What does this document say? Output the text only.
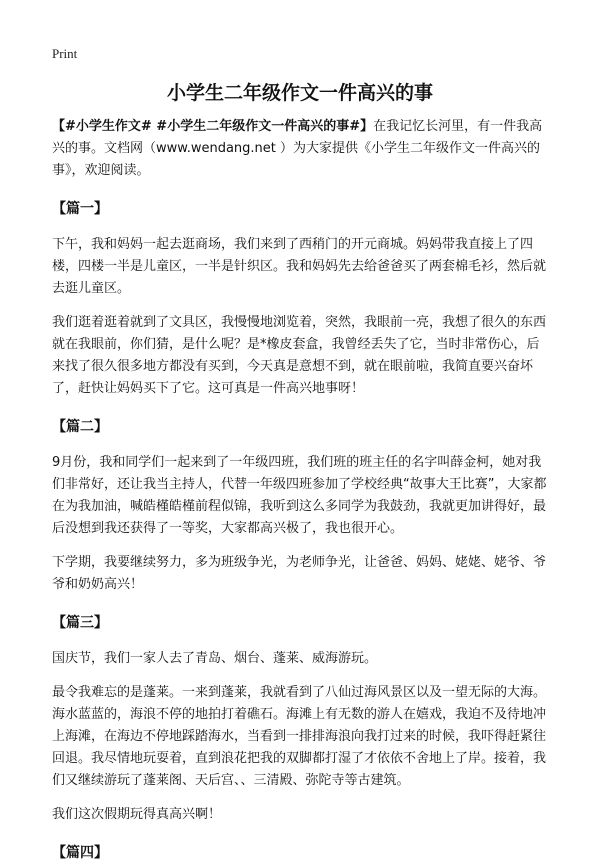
Print
小学生二年级作文一件高兴的事

【#小学生作文# #小学生二年级作文一件高兴的事#】在我记忆长河里，有一件我高兴的事。文档网（www.wendang.net ）为大家提供《小学生二年级作文一件高兴的事》，欢迎阅读。

【篇一】

下午，我和妈妈一起去逛商场，我们来到了西稍门的开元商城。妈妈带我直接上了四楼，四楼一半是儿童区，一半是针织区。我和妈妈先去给爸爸买了两套棉毛衫，然后就去逛儿童区。

我们逛着逛着就到了文具区，我慢慢地浏览着，突然，我眼前一亮，我想了很久的东西就在我眼前，你们猜，是什么呢？是*橡皮套盒，我曾经丢失了它，当时非常伤心，后来找了很久很多地方都没有买到，今天真是意想不到，就在眼前啦，我简直要兴奋坏了，赶快让妈妈买下了它。这可真是一件高兴地事呀！

【篇二】

9月份，我和同学们一起来到了一年级四班，我们班的班主任的名字叫薛金柯，她对我们非常好，还让我当主持人，代替一年级四班参加了学校经典“故事大王比赛”，大家都在为我加油，喊皓槿皓槿前程似锦，我听到这么多同学为我鼓劲，我就更加讲得好，最后没想到我还获得了一等奖，大家都高兴极了，我也很开心。

下学期，我要继续努力，多为班级争光，为老师争光，让爸爸、妈妈、姥姥、姥爷、爷爷和奶奶高兴！

【篇三】

国庆节，我们一家人去了青岛、烟台、蓬莱、威海游玩。

最令我难忘的是蓬莱。一来到蓬莱，我就看到了八仙过海风景区以及一望无际的大海。海水蓝蓝的，海浪不停的地拍打着礁石。海滩上有无数的游人在嬉戏，我迫不及待地冲上海滩，在海边不停地踩踏海水，当看到一排排海浪向我打过来的时候，我吓得赶紧往回退。我尽情地玩耍着，直到浪花把我的双脚都打湿了才依依不舍地上了岸。接着，我们又继续游玩了蓬莱阁、天后宫、、三清殿、弥陀寺等古建筑。

我们这次假期玩得真高兴啊！

【篇四】
